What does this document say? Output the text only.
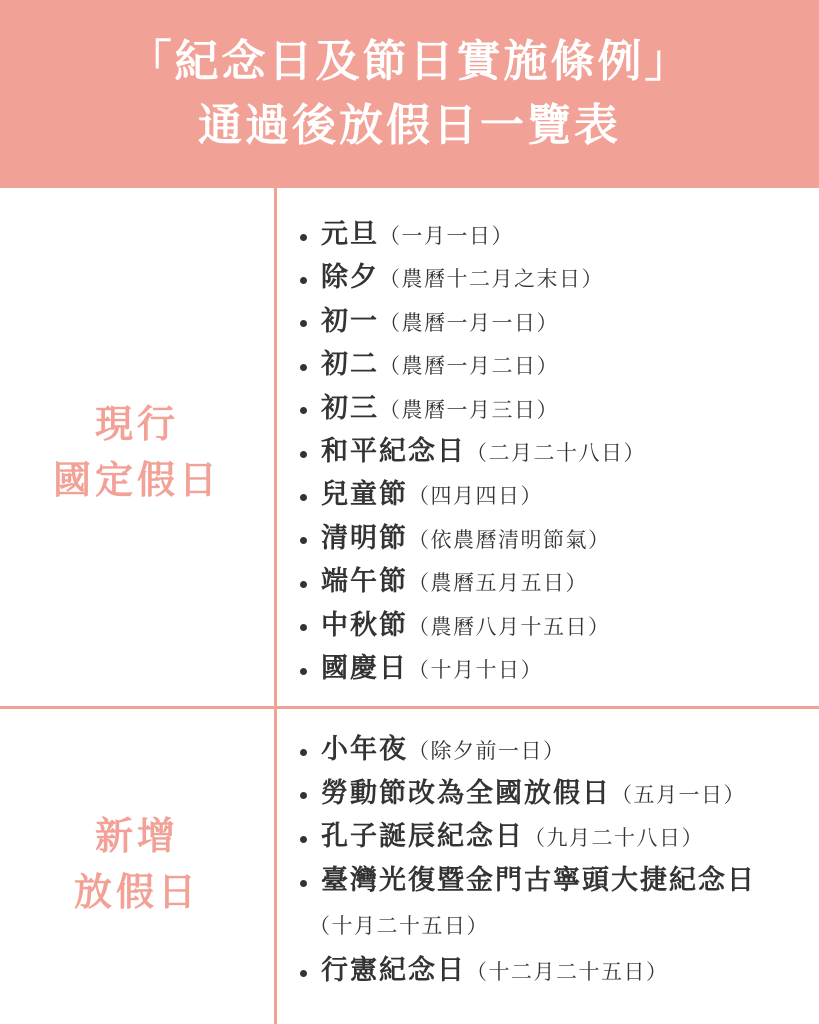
「紀念日及節日實施條例」
通過後放假日一覽表
現行
國定假日
元旦（一月一日）
除夕（農曆十二月之末日）
初一（農曆一月一日）
初二（農曆一月二日）
初三（農曆一月三日）
和平紀念日（二月二十八日）
兒童節（四月四日）
清明節（依農曆清明節氣）
端午節（農曆五月五日）
中秋節（農曆八月十五日）
國慶日（十月十日）
新增
放假日
小年夜（除夕前一日）
勞動節改為全國放假日（五月一日）
孔子誕辰紀念日（九月二十八日）
臺灣光復暨金門古寧頭大捷紀念日
（十月二十五日）
行憲紀念日（十二月二十五日）
